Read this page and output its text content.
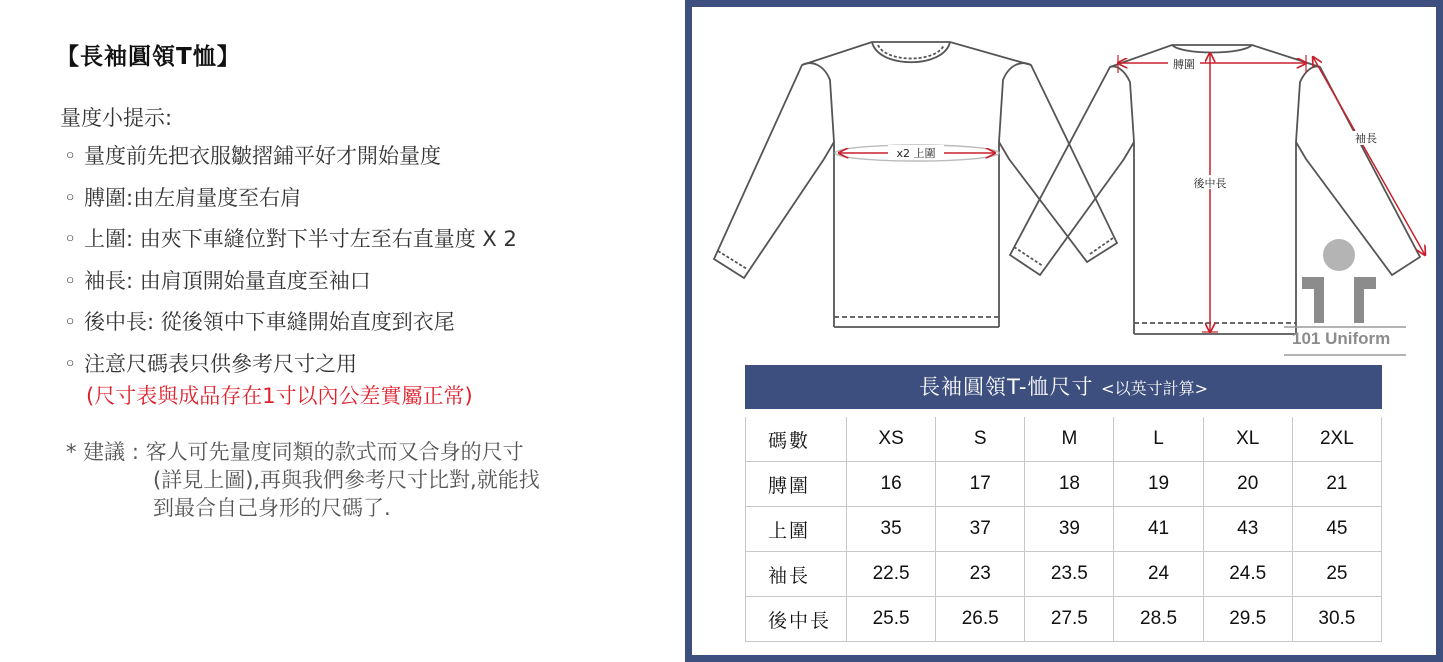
【長袖圓領T恤】
量度小提示:
◦ 量度前先把衣服皺摺鋪平好才開始量度
◦ 膊圍:由左肩量度至右肩
◦ 上圍: 由夾下車縫位對下半寸左至右直量度 X 2
◦ 袖長: 由肩頂開始量直度至袖口
◦ 後中長: 從後領中下車縫開始直度到衣尾
◦ 注意尺碼表只供參考尺寸之用
(尺寸表與成品存在1寸以內公差實屬正常)
* 建議 : 客人可先量度同類的款式而又合身的尺寸
(詳見上圖),再與我們參考尺寸比對,就能找
到最合自己身形的尺碼了.
x2 上圍
膊圍
後中長
袖長
101 Uniform
長袖圓領T-恤尺寸 <以英寸計算>
碼數	XS	S	M	L	XL	2XL
膊圍	16	17	18	19	20	21
上圍	35	37	39	41	43	45
袖長	22.5	23	23.5	24	24.5	25
後中長	25.5	26.5	27.5	28.5	29.5	30.5
